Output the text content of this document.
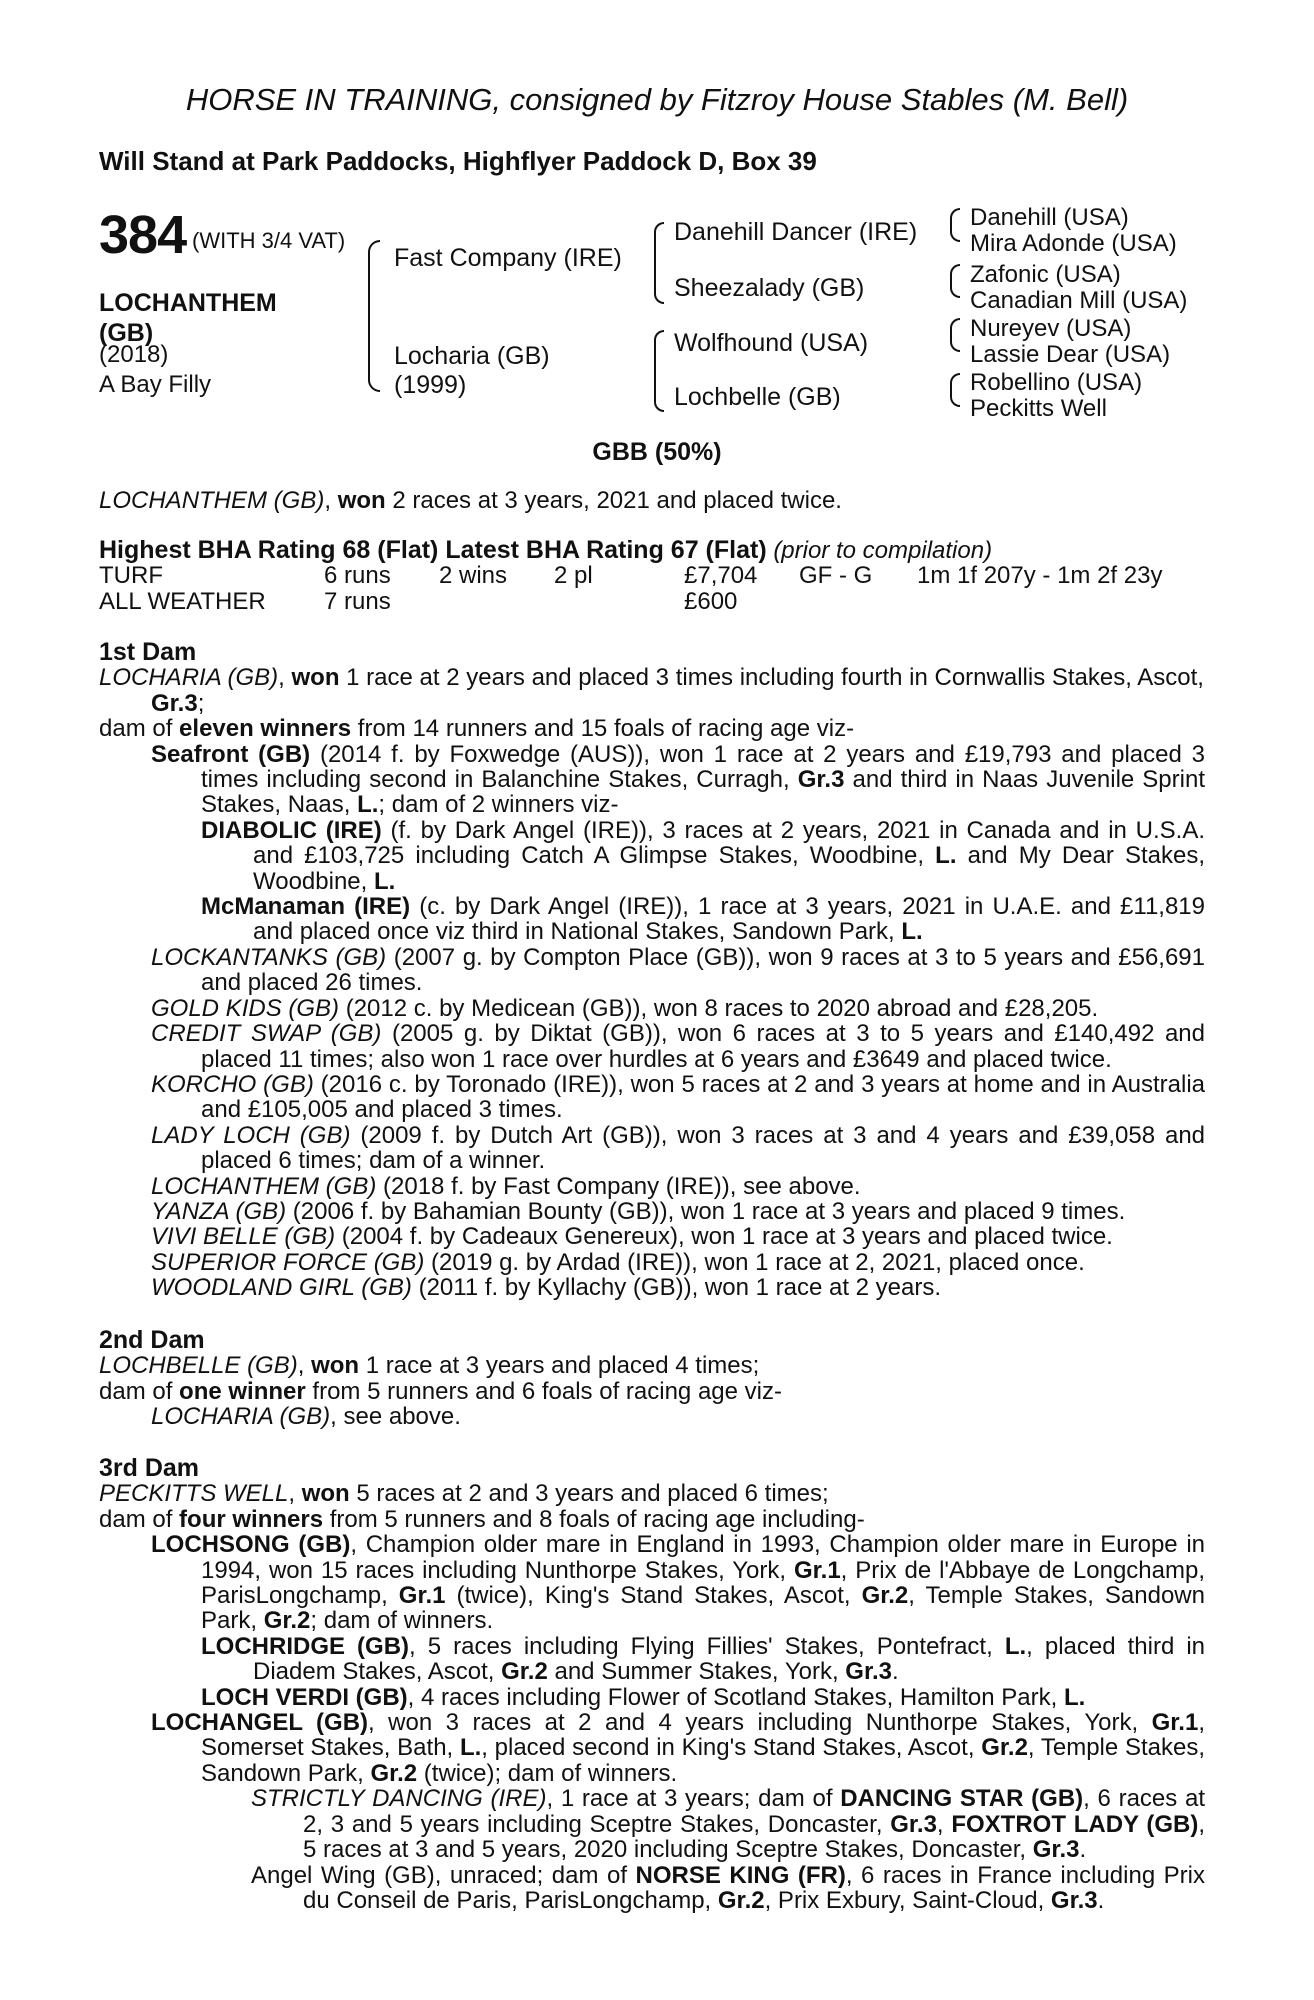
HORSE IN TRAINING, consigned by Fitzroy House Stables (M. Bell)
Will Stand at Park Paddocks, Highflyer Paddock D, Box 39
384 (WITH 3/4 VAT)
LOCHANTHEM
(GB)
(2018)
A Bay Filly
Fast Company (IRE)
Locharia (GB)
(1999)
Danehill Dancer (IRE)
Sheezalady (GB)
Wolfhound (USA)
Lochbelle (GB)
Danehill (USA)
Mira Adonde (USA)
Zafonic (USA)
Canadian Mill (USA)
Nureyev (USA)
Lassie Dear (USA)
Robellino (USA)
Peckitts Well
GBB (50%)
LOCHANTHEM (GB), won 2 races at 3 years, 2021 and placed twice.

Highest BHA Rating 68 (Flat) Latest BHA Rating 67 (Flat) (prior to compilation)

TURF	6 runs	2 wins	2 pl	£7,704	GF - G	1m 1f 207y - 1m 2f 23y
ALL WEATHER	7 runs	£600

1st Dam

LOCHARIA (GB), won 1 race at 2 years and placed 3 times including fourth in Cornwallis Stakes, Ascot, Gr.3;

dam of eleven winners from 14 runners and 15 foals of racing age viz-

Seafront (GB) (2014 f. by Foxwedge (AUS)), won 1 race at 2 years and £19,793 and placed 3 times including second in Balanchine Stakes, Curragh, Gr.3 and third in Naas Juvenile Sprint Stakes, Naas, L.; dam of 2 winners viz-

DIABOLIC (IRE) (f. by Dark Angel (IRE)), 3 races at 2 years, 2021 in Canada and in U.S.A. and £103,725 including Catch A Glimpse Stakes, Woodbine, L. and My Dear Stakes, Woodbine, L.

McManaman (IRE) (c. by Dark Angel (IRE)), 1 race at 3 years, 2021 in U.A.E. and £11,819 and placed once viz third in National Stakes, Sandown Park, L.

LOCKANTANKS (GB) (2007 g. by Compton Place (GB)), won 9 races at 3 to 5 years and £56,691 and placed 26 times.

GOLD KIDS (GB) (2012 c. by Medicean (GB)), won 8 races to 2020 abroad and £28,205.

CREDIT SWAP (GB) (2005 g. by Diktat (GB)), won 6 races at 3 to 5 years and £140,492 and placed 11 times; also won 1 race over hurdles at 6 years and £3649 and placed twice.

KORCHO (GB) (2016 c. by Toronado (IRE)), won 5 races at 2 and 3 years at home and in Australia and £105,005 and placed 3 times.

LADY LOCH (GB) (2009 f. by Dutch Art (GB)), won 3 races at 3 and 4 years and £39,058 and placed 6 times; dam of a winner.

LOCHANTHEM (GB) (2018 f. by Fast Company (IRE)), see above.

YANZA (GB) (2006 f. by Bahamian Bounty (GB)), won 1 race at 3 years and placed 9 times.

VIVI BELLE (GB) (2004 f. by Cadeaux Genereux), won 1 race at 3 years and placed twice.

SUPERIOR FORCE (GB) (2019 g. by Ardad (IRE)), won 1 race at 2, 2021, placed once.

WOODLAND GIRL (GB) (2011 f. by Kyllachy (GB)), won 1 race at 2 years.

2nd Dam

LOCHBELLE (GB), won 1 race at 3 years and placed 4 times;

dam of one winner from 5 runners and 6 foals of racing age viz-

LOCHARIA (GB), see above.

3rd Dam

PECKITTS WELL, won 5 races at 2 and 3 years and placed 6 times;

dam of four winners from 5 runners and 8 foals of racing age including-

LOCHSONG (GB), Champion older mare in England in 1993, Champion older mare in Europe in 1994, won 15 races including Nunthorpe Stakes, York, Gr.1, Prix de l'Abbaye de Longchamp, ParisLongchamp, Gr.1 (twice), King's Stand Stakes, Ascot, Gr.2, Temple Stakes, Sandown Park, Gr.2; dam of winners.

LOCHRIDGE (GB), 5 races including Flying Fillies' Stakes, Pontefract, L., placed third in Diadem Stakes, Ascot, Gr.2 and Summer Stakes, York, Gr.3.

LOCH VERDI (GB), 4 races including Flower of Scotland Stakes, Hamilton Park, L.

LOCHANGEL (GB), won 3 races at 2 and 4 years including Nunthorpe Stakes, York, Gr.1, Somerset Stakes, Bath, L., placed second in King's Stand Stakes, Ascot, Gr.2, Temple Stakes, Sandown Park, Gr.2 (twice); dam of winners.

STRICTLY DANCING (IRE), 1 race at 3 years; dam of DANCING STAR (GB), 6 races at 2, 3 and 5 years including Sceptre Stakes, Doncaster, Gr.3, FOXTROT LADY (GB), 5 races at 3 and 5 years, 2020 including Sceptre Stakes, Doncaster, Gr.3.

Angel Wing (GB), unraced; dam of NORSE KING (FR), 6 races in France including Prix du Conseil de Paris, ParisLongchamp, Gr.2, Prix Exbury, Saint-Cloud, Gr.3.
